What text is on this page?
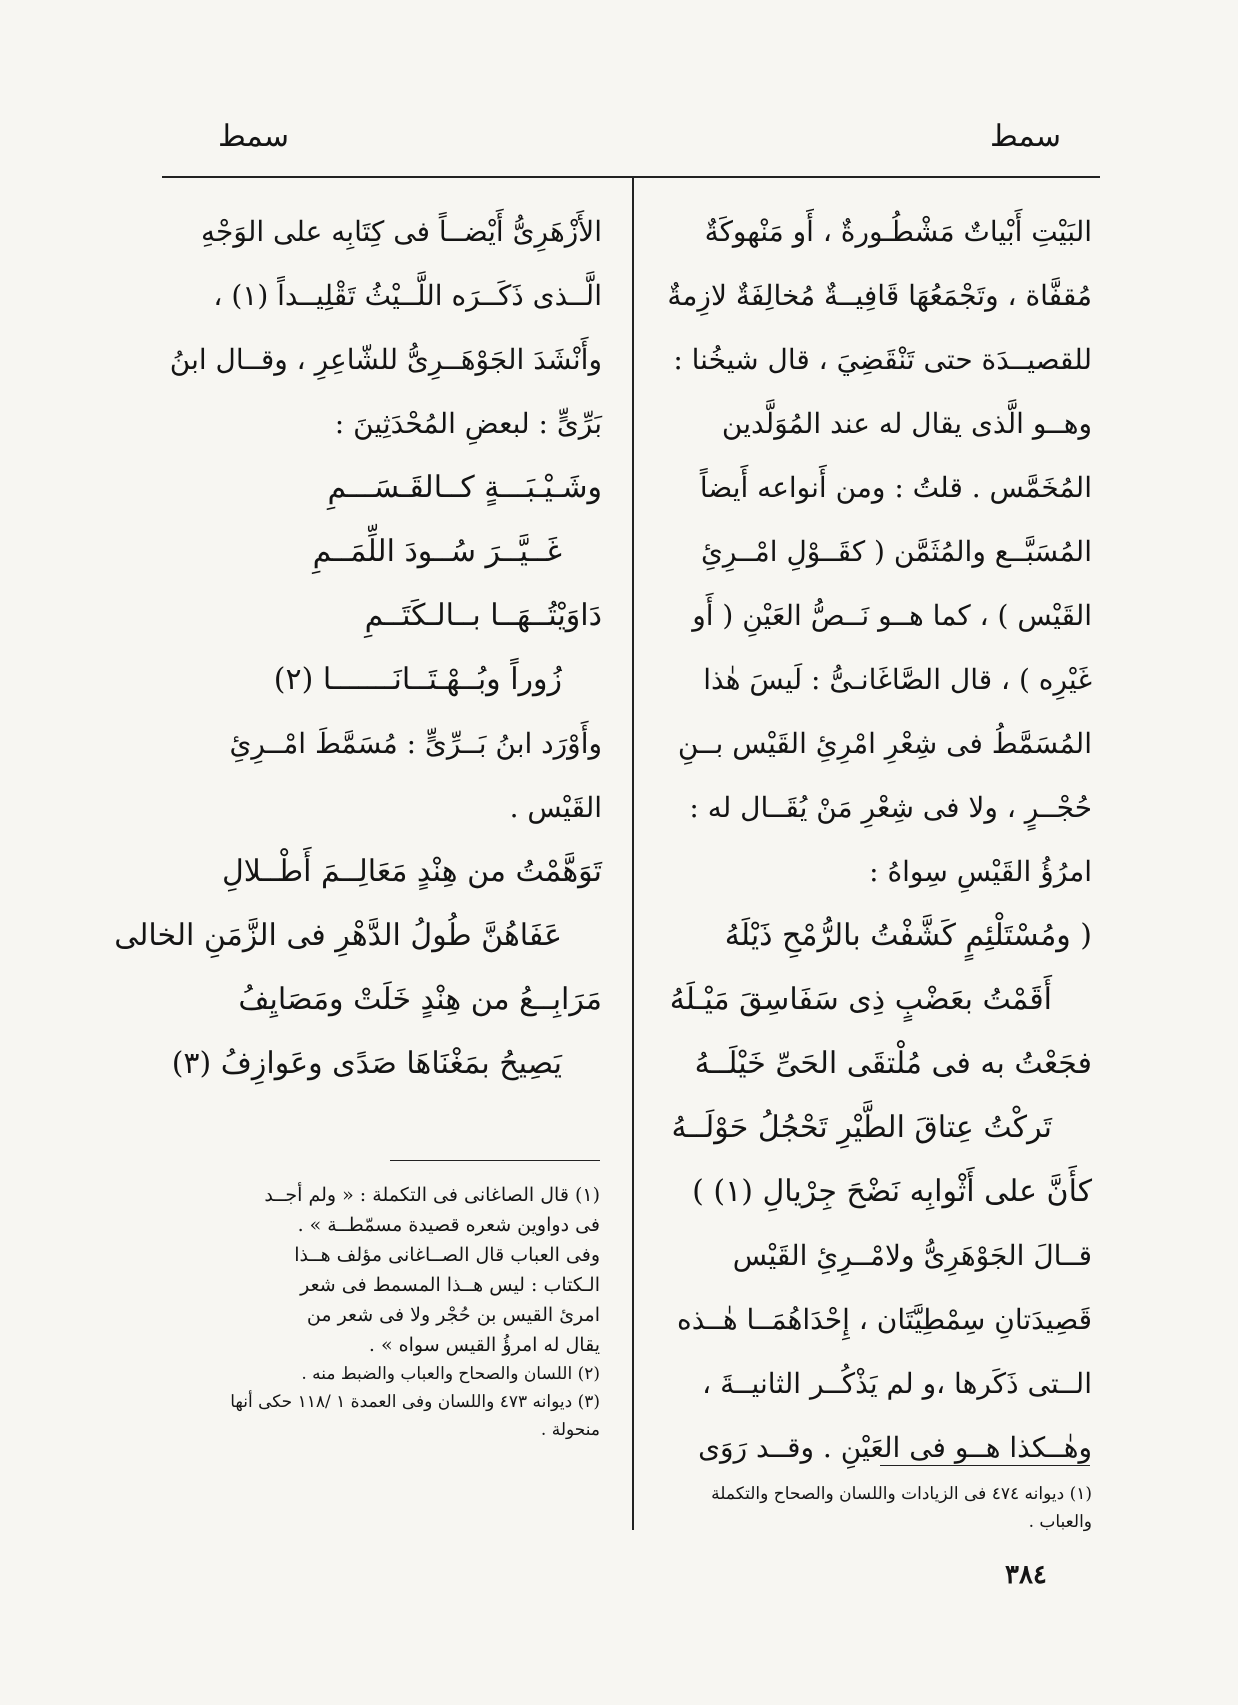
سمط	سمط
البَيْتِ أَبْياتٌ مَشْطُـورةٌ ، أَو مَنْهوكَةٌ
مُقفَّاة ، وتَجْمَعُهَا قَافِيــةٌ مُخالِفَةٌ لازِمةٌ
للقصيــدَة حتى تَنْقَضِيَ ، قال شيخُنا :
وهــو الَّذى يقال له عند المُوَلَّدين
المُخَمَّس . قلتُ : ومن أَنواعه أَيضاً
المُسَبَّــع والمُثَمَّن ( كقَــوْلِ امْــرِئِ
القَيْس ) ، كما هــو نَــصُّ العَيْنِ ( أَو
غَيْرِه ) ، قال الصَّاغَانـىُّ : لَيسَ هٰذا
المُسَمَّطُ فى شِعْرِ امْرِئِ القَيْس بــنِ
حُجْــرٍ ، ولا فى شِعْرِ مَنْ يُقَــال له :
امرُؤُ القَيْسِ سِواهُ :
( ومُسْتَلْئِمٍ كَشَّفْتُ بالرُّمْحِ ذَيْلَهُ
أَقَمْتُ بعَضْبٍ ذِى سَفَاسِقَ مَيْـلَهُ
فجَعْتُ به فى مُلْتقَى الحَىِّ خَيْلَــهُ
تَركْتُ عِتاقَ الطَّيْرِ تَحْجُلُ حَوْلَــهُ
كأَنَّ على أَثْوابِه نَضْحَ جِرْيالِ (١) )
قــالَ الجَوْهَرِىُّ ولامْــرِئِ القَيْس
قَصِيدَتانِ سِمْطِيَّتَان ، إِحْدَاهُمَــا هٰــذه
الــتى ذَكَرها ،و لم يَذْكُــر الثانيــةَ ،
وهٰــكذا هــو فى العَيْنِ . وقــد رَوَى
الأَزْهَرِىُّ أَيْضــاً فى كِتَابِه على الوَجْهِ
الَّــذى ذَكَــرَه اللَّــيْثُ تَقْلِيــداً (١) ،
وأَنْشَدَ الجَوْهَــرِىُّ للشّاعِرِ ، وقــال ابنُ
بَرِّىٍّ : لبعضِ المُحْدَثِينَ :
وشَـيْـبَـــةٍ كــالقَـسَـــمِ
غَــيَّــرَ سُــودَ اللِّمَــمِ
دَاوَيْتُــهَــا بــالـكَتَــمِ
زُوراً وبُــهْـتَــانَـــــــا (٢)
وأَوْرَد ابنُ بَــرِّىٍّ : مُسَمَّطَ امْــرِئِ
القَيْس .
تَوَهَّمْتُ من هِنْدٍ مَعَالِــمَ أَطْــلالِ
عَفَاهُنَّ طُولُ الدَّهْرِ فى الزَّمَنِ الخالى
مَرَابِــعُ من هِنْدٍ خَلَتْ ومَصَايِفُ
يَصِيحُ بمَغْنَاهَا صَدًى وعَوازِفُ (٣)
(١) قال الصاغانى فى التكملة : « ولم أجــد
فى دواوين شعره قصيدة مسمّطــة » .
وفى العباب قال الصــاغانى مؤلف هــذا
الـكتاب : ليس هــذا المسمط فى شعر
امرئ القيس بن حُجْر ولا فى شعر من
يقال له امرؤُ القيس سواه » .
(٢) اللسان والصحاح والعباب والضبط منه .
(٣) ديوانه ٤٧٣ واللسان وفى العمدة ١ /١١٨ حكى أنها
منحولة .
(١) ديوانه ٤٧٤ فى الزيادات واللسان والصحاح والتكملة
والعباب .
٣٨٤
